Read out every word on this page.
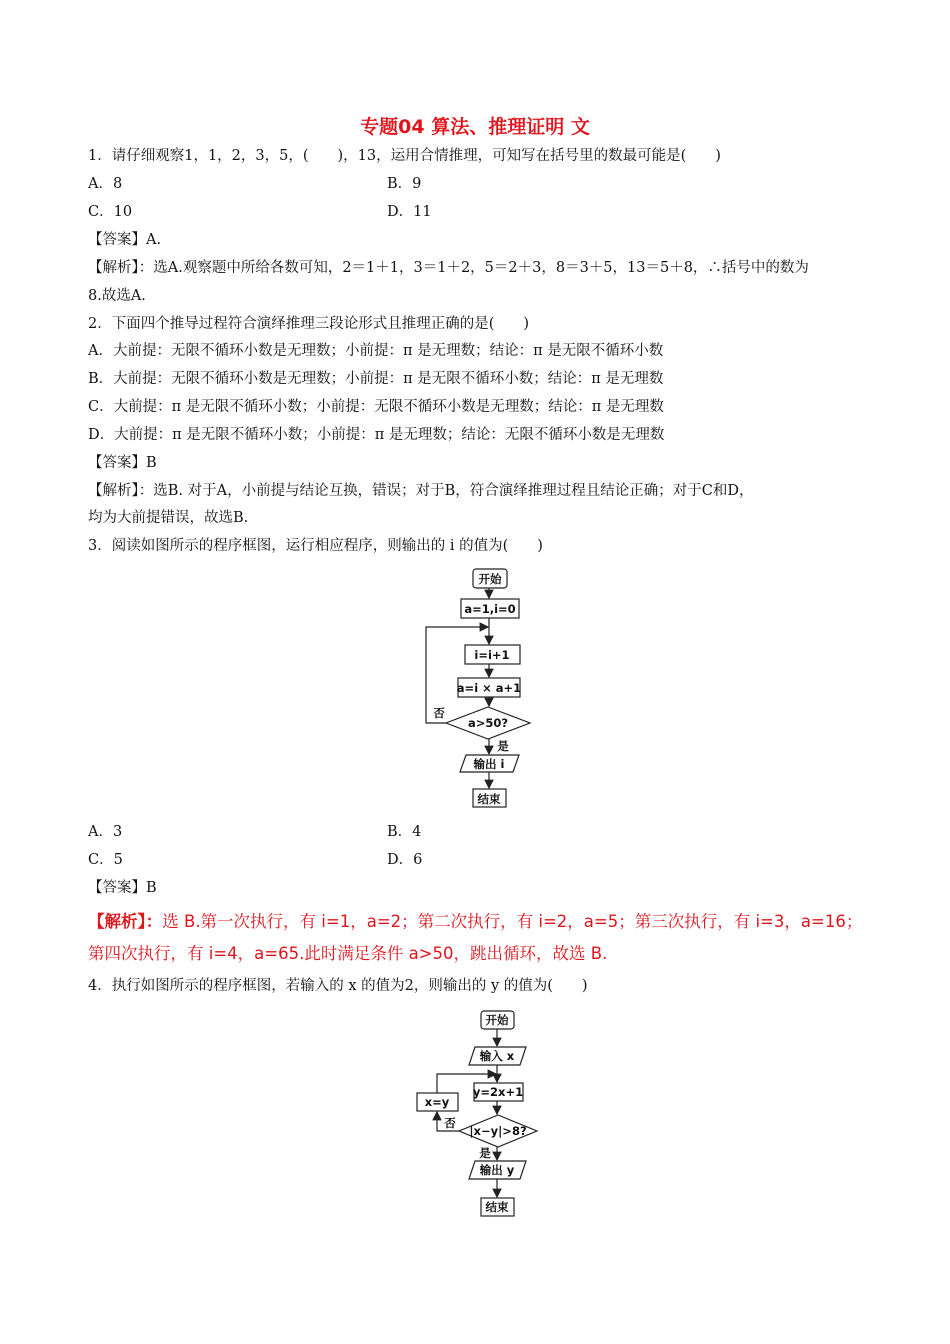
专题04 算法、推理证明 文
1．请仔细观察1，1，2，3，5，(　　)，13，运用合情推理，可知写在括号里的数最可能是(　　)
A．8	B．9
C．10	D．11
【答案】A.
【解析】：选A.观察题中所给各数可知，2＝1＋1，3＝1＋2，5＝2＋3，8＝3＋5，13＝5＋8，∴括号中的数为
8.故选A.
2．下面四个推导过程符合演绎推理三段论形式且推理正确的是(　　)
A．大前提：无限不循环小数是无理数；小前提：π 是无理数；结论：π 是无限不循环小数
B．大前提：无限不循环小数是无理数；小前提：π 是无限不循环小数；结论：π 是无理数
C．大前提：π 是无限不循环小数；小前提：无限不循环小数是无理数；结论：π 是无理数
D．大前提：π 是无限不循环小数；小前提：π 是无理数；结论：无限不循环小数是无理数
【答案】B
【解析】：选B. 对于A，小前提与结论互换，错误；对于B，符合演绎推理过程且结论正确；对于C和D，
均为大前提错误，故选B.
3．阅读如图所示的程序框图，运行相应程序，则输出的 i 的值为(　　)
开始
a=1,i=0
i=i+1
a=i × a+1
a>50?
否
是
输出 i
结束
A．3	B．4
C．5	D．6
【答案】B
【解析】：选 B.第一次执行，有 i=1，a=2；第二次执行，有 i=2，a=5；第三次执行，有 i=3，a=16；
第四次执行，有 i=4，a=65.此时满足条件 a>50，跳出循环，故选 B.
4．执行如图所示的程序框图，若输入的 x 的值为2，则输出的 y 的值为(　　)
开始
输入 x
y=2x+1
x=y
|x−y|>8?
否
是
输出 y
结束
